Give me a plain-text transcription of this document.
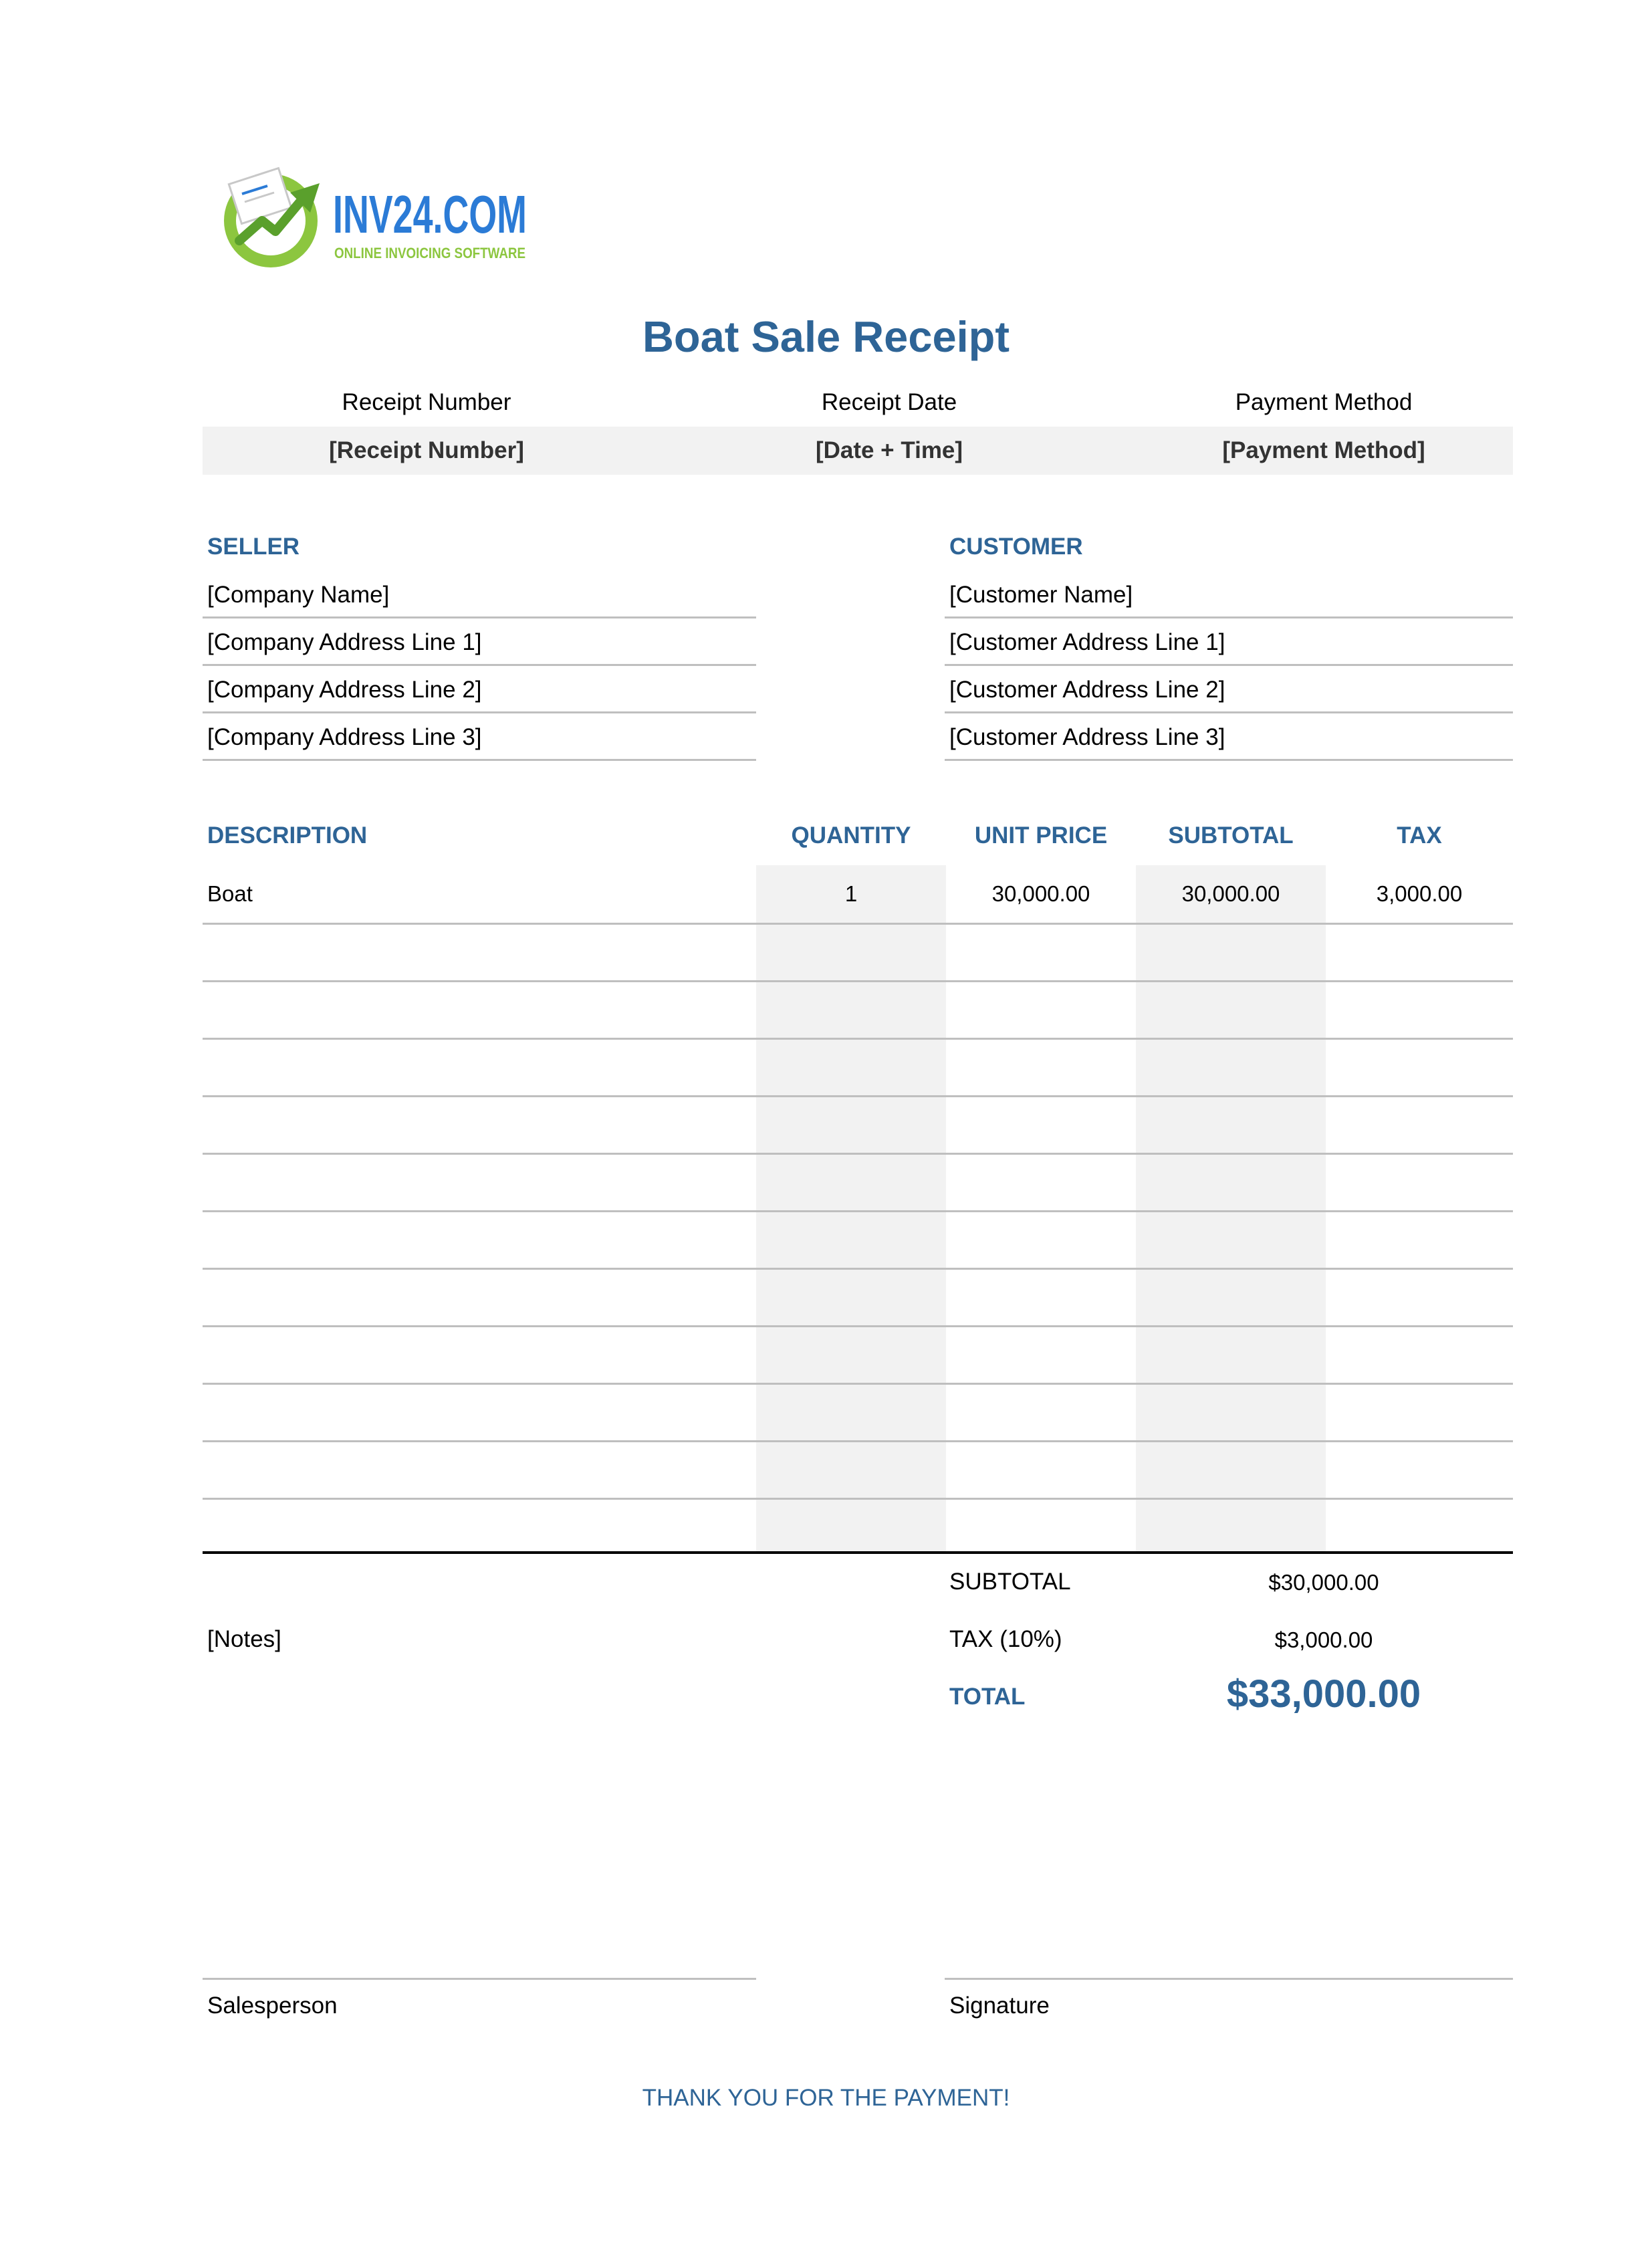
INV24.COM
ONLINE INVOICING SOFTWARE
Boat Sale Receipt
Receipt Number	Receipt Date	Payment Method
[Receipt Number]	[Date + Time]	[Payment Method]
SELLER
[Company Name]
[Company Address Line 1]
[Company Address Line 2]
[Company Address Line 3]
CUSTOMER
[Customer Name]
[Customer Address Line 1]
[Customer Address Line 2]
[Customer Address Line 3]
DESCRIPTION	QUANTITY	UNIT PRICE	SUBTOTAL	TAX
Boat	1	30,000.00	30,000.00	3,000.00
[Notes]
SUBTOTAL	$30,000.00
TAX (10%)	$3,000.00
TOTAL	$33,000.00
Salesperson	Signature
THANK YOU FOR THE PAYMENT!
